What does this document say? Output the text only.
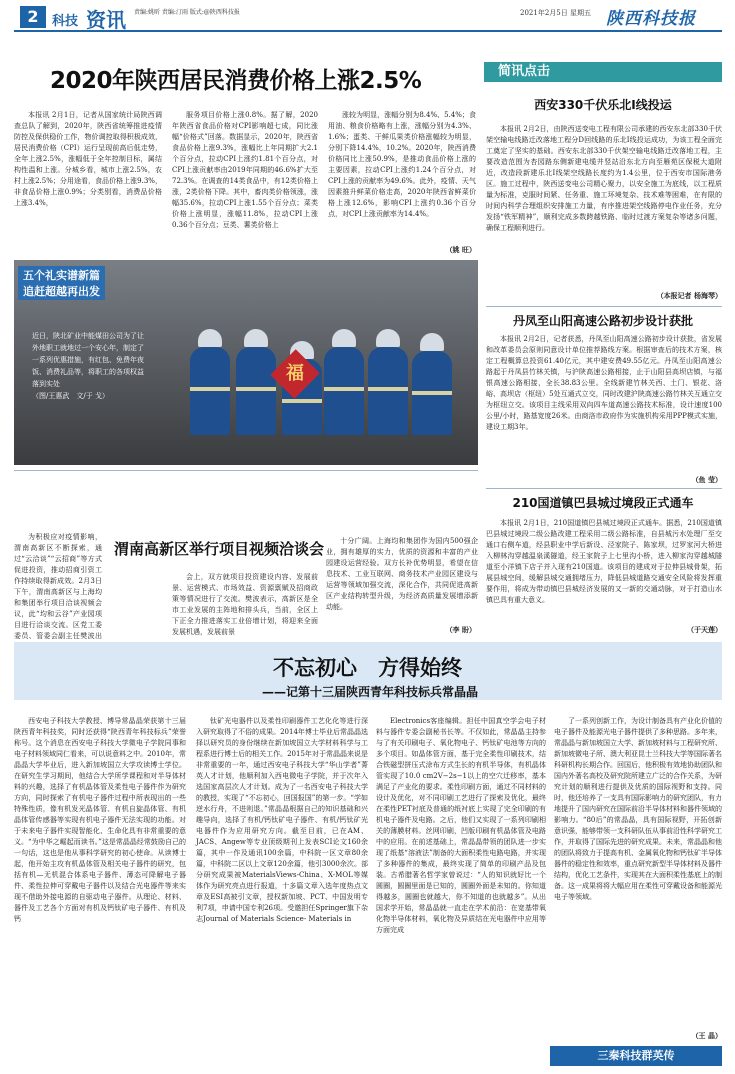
2	科技 资讯 责编:姚昕 责编:汀雨 版式:@陕西科技报	2021年2月5日 星期五 陕西科技报
2020年陕西居民消费价格上涨2.5%

本报讯 2月1日，记者从国家统计局陕西调查总队了解到，2020年，陕西省统筹推进疫情防控及保供稳价工作，物价调控取得积极成效，居民消费价格（CPI）运行呈现前高后低走势，全年上涨2.5%，涨幅低于全年控制目标，属结构性温和上涨。分城乡看，城市上涨2.5%，农村上涨2.5%；分用途看，食品价格上涨9.3%，非食品价格上涨0.9%；分类别看，消费品价格上涨3.4%，

服务项目价格上涨0.8%。据了解，2020年陕西省食品价格对CPI影响超七成，同比涨幅“价格式”回落。数据显示，2020年，陕西省食品价格上涨9.3%，涨幅比上年同期扩大2.1个百分点，拉动CPI上涨约1.81个百分点，对CPI上涨贡献率由2019年同期的46.6%扩大至72.3%。在调查的14类食品中，有12类价格上涨，2类价格下降。其中，畜肉类价格领涨，涨幅35.6%，拉动CPI上涨1.55个百分点；菜类价格上涨明显，涨幅11.8%，拉动CPI上涨0.36个百分点；豆类、薯类价格上

涨较为明显，涨幅分别为8.4%、5.4%；食用油、粮食价格略有上涨，涨幅分别为4.3%、1.6%；蛋类、干鲜瓜果类价格涨幅较为明显，分别下降14.4%，10.2%。2020年，陕西消费价格同比上涨50.9%，是推动食品价格上涨的主要因素，拉动CPI上涨约1.24个百分点，对CPI上涨的贡献率为49.6%。此外，疫情、天气因素推升鲜菜价格走高，2020年陕西省鲜菜价格上涨12.6%，影响CPI上涨约0.36个百分点，对CPI上涨贡献率为14.4%。

（姚 旺）
五个礼实谱新篇
追赶超越再出发
近日，陕北矿业中能煤田公司为了让外地职工就地过一个安心年，制定了一系列优惠措施，有红包、免费年夜饭、消费礼品等，将职工的各项权益落到实处
（图/王惠武　文/于 戈）
福
简讯点击
西安330千伏乐北Ⅰ线投运

本报讯 2月2日，由陕西送变电工程有限公司承建的西安东北部330千伏架空输电线路迁改落地工程分D回线路的乐北Ⅰ线投运成功，为该工程全面完工奠定了坚实的基础。西安东北部330千伏架空输电线路迁改落地工程，主要改造范围为杏园路东侧新建电缆井竖站沿东北方向至雁苑区保税大道附近，改造段新建乐北Ⅰ线架空线路长度约为1.4公里，位于西安市国际港务区。施工过程中，陕西送变电公司精心聚力，以安全施工为底线，以工程质量为标准，克服时间紧、任务重、施工环境复杂、技术难等困难，在有限的时间内科学合理组织安排施工力量，有序推进架空线路停电作业任务，充分发扬“铁军精神”，顺利完成多数跨越铁路、临时过渡方案复杂等诸多问题，确保工程顺利进行。

（本报记者 杨海琴）
丹凤至山阳高速公路初步设计获批

本报讯 2月2日，记者获悉，丹凤至山阳高速公路初步设计获批，省发展和改革委员会原则同意设计单位推荐路线方案。根据审查后的技术方案，核定工程概算总投资61.40亿元，其中建安费49.55亿元。丹凤至山阳高速公路起于丹凤县竹林关镇，与沪陕高速公路相接，止于山阳县高坝店镇，与福银高速公路相接，全长38.83公里。全线新建竹林关西、土门、银花、洛峪、高坝店（枢纽）5处互通式立交，同时改建沪陕高速公路竹林关互通立交为枢纽立交。该项目主线采用双向四车道高速公路技术标准，设计速度100公里/小时，路基宽度26米。由商洛市政府作为实施机构采用PPP模式实施，建设工期3年。

（鱼 莹）
210国道镇巴县城过境段正式通车

本报讯 2月1日，210国道镇巴县城过境段正式通车。据悉，210国道镇巴县城过境段二级公路改建工程采用二级公路标准，自县城污水处理厂至交通口右侧车道，经县职业中学后新设、泾家院子、陈家坝，过罗家河大桥进入柳林沟穿越温泉溪隧道，经王家院子上七里沟小桥，进入柳家沟穿越城隧道至小洋镇下店子并入现有210国道。该项目的建成对于拉伸县城骨架，拓展县城空间，缓解县城交通拥堵压力，降低县城道路交通安全风险将发挥重要作用，将成为带动镇巴县城经济发展的又一新的交通动脉，对于打造山水镇巴具有重大意义。

（于天莲）

为积极应对疫情影响，渭南高新区不断探索，通过“云洽谈”“云招商”等方式促进投资，推动招商引资工作持续取得新成效。2月3日下午，渭南高新区与上海均和集团举行项目洽谈视频会议，此“均和云谷”产业园项目进行洽谈交流。区党工委委员、管委会副主任樊波出

渭南高新区举行项目视频洽谈会

会上，双方就项目投资建设内容、发展前景、运营模式、市场效益、资源禀赋及招商政策等情况进行了交流。樊波表示，高新区是全市工业发展的主阵地和排头兵，当前，全区上下正全力推进落实工业倍增计划，将迎来全面发展机遇，发展前景

十分广阔。上海均和集团作为国内500强企业，拥有雄厚的实力，优质的资源和丰富的产业园建设运营经验。双方长补优势明显，希望在信息技术、工业互联网、商务技术产业园区建设与运营等领域加强交流，深化合作，共同促进高新区产业结构转型升级，为经济高质量发展增添新动能。

（李 盼）
不忘初心　方得始终
——记第十三届陕西青年科技标兵常晶晶

西安电子科技大学教授、博导常晶晶荣获第十三届陕西青年科技奖，同时还获得“陕西青年科技标兵”荣誉称号。这个消息在西安电子科技大学微电子学院同事和电子材料领域同仁看来，可以说意料之中。2010年，常晶晶大学毕业后，进入新加坡国立大学攻读博士学位。在研究生学习期间，他结合大学所学课程和对半导体材料的兴趣，选择了有机晶体管及柔性电子器件作为研究方向，同时探索了有机电子器件过程中所表现出的一些特殊性质，像有机发光晶体管、有机自旋晶体管、有机晶体管传感器等实现有机电子器件无法实现的功能。对于未来电子器件实现智能化、生命化具有非常重要的意义。“为中华之崛起而读书。”这是常晶晶经常鼓励自己的一句话，这也是他从事科学研究的初心使命。从读博士起，他开始主攻有机晶体管及相关电子器件的研究，包括有机—无机混合体系电子器件、薄态可降解电子器件、柔性拉伸可穿戴电子器件以及结合光电器件等来实现不借助外接电源的自驱动电子器件。从理论、材料、器件及工艺各个方面对有机及钙钛矿电子器件、有机及钙

钛矿光电器件以及柔性印刷器件工艺化化等进行深入研究取得了不俗的成果。2014年博士毕业后常晶晶选择以研究员的身份继续在新加坡国立大学材料科学与工程系进行博士后的相关工作。2015年对于常晶晶来说是非常重要的一年，通过西安电子科技大学“华山学者”菁英人才计划，他顺利加入西电微电子学院，并于次年入选国家高层次人才计划。成为了一名西安电子科技大学的教授，实现了“不忘初心，回国报国”的第一步。“学如逆水行舟，不进则退。”常晶晶根据自己的知识基础和兴趣导向，选择了有机/钙钛矿电子器件、有机/钙钛矿光电器件作为应用研究方向。截至目前，已在AM、JACS、Angew等专业顶级期刊上发表SCI论文160余篇，其中一作及通讯100余篇，中科院一区文章80余篇，中科院二区以上文章120余篇，他引3000余次。部分研究成果被MaterialsViews-China、X-MOL等媒体作为研究亮点进行报道，十多篇文章入选年度热点文章及ESI高被引文章，授权新加坡、PCT、中国发明专利7项，申请中国专利26项。受邀担任Springer旗下杂志Journal of Materials Science- Materials in

Electronics客座编辑。担任中国真空学会电子材料与器件专委会副秘书长等。不仅如此，常晶晶主持参与了有关印刷电子、氧化物电子、钙钛矿电池等方向的多个项目。如晶体管方面，基于完全柔性印刷技术，结合铁磁型拼压式涂布方式生长的有机半导体，有机晶体管实现了10.0 cm2V−2s−1以上的空穴迁移率，基本满足了产业化的要求。柔性印刷方面，通过不同材料的设计及优化，对不同印刷工艺进行了探索及优化，最终在柔性PET衬底及普通的纸衬底上实现了完全印刷的有机电子器件及电路。之后，他们又实现了一系列印刷相关的薄膜材料。丝网印刷，凹版印刷有机晶体管及电路中的应用。在前述基础上，常晶晶带领的团队进一步实现了纸基“溶液法”制备的大面积柔性电路电路，并实现了多种器件的集成，最终实现了简单的印刷产品及包装。古希腊著名哲学家曾说过：“人的知识就好比一个圆圈，圆圈里面是已知的，圆圈外面是未知的。你知道得越多，圆圈也就越大，你不知道的也就越多”。从出国求学开始，常晶晶就一直走在学术前沿：在宽基带氧化物半导体材料，氧化物及异质结在光电器件中应用等方面完成

了一系列创新工作，为设计制备具有产业化价值的电子器件及能源光电子器件提供了多种思路。多年来，常晶晶与新加坡国立大学、新加坡材料与工程研究所、新加坡微电子所、澳大利亚昆士兰科技大学等国际著名科研机构长期合作。回国后，他积极有效地协助团队和国内外著名高校及研究院所建立广泛的合作关系，为研究计划的顺利进行提供及优质的国际视野和支持。同时，他还培养了一支具有国际影响力的研究团队，有力地提升了国内研究在国际前沿半导体材料和器件领域的影响力。“80后”的常晶晶，具有国际视野，开拓创新意识强，能够带领一支科研队伍从事前沿性科学研究工作，并取得了国际先进的研究成果。未来，常晶晶和他的团队将致力于提高有机、金属氧化物和钙钛矿半导体器件的稳定性和效率，重点研究新型半导体材料及器件结构，优化工艺条件，实现其在大面积柔性基底上的制备。这一成果将将大幅应用在柔性可穿戴设备和能源光电子等领域。

（王 晶）
三秦科技群英传
